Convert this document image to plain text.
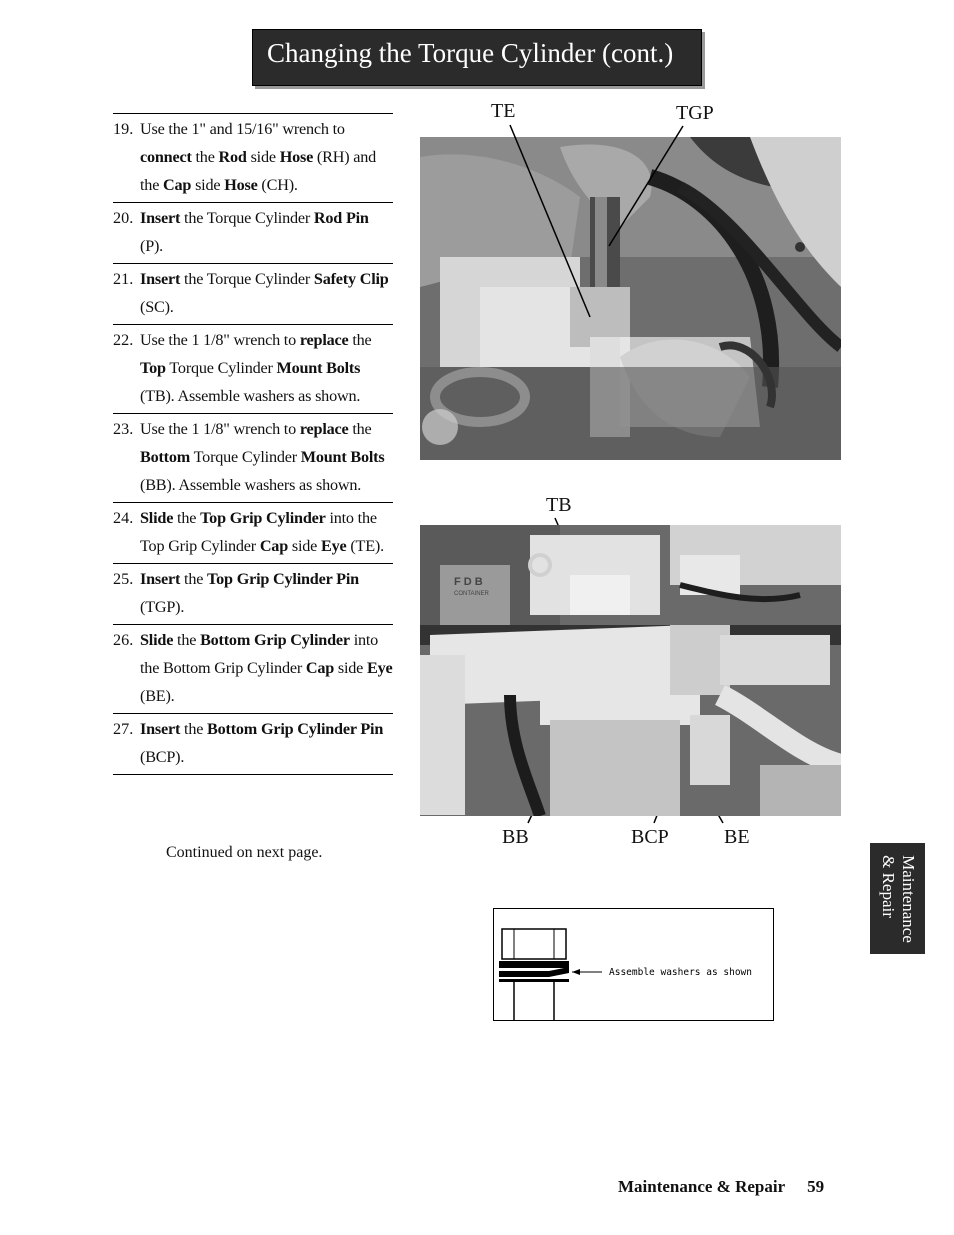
Changing the Torque Cylinder (cont.)
19. Use the 1" and 15/16" wrench to connect the Rod side Hose (RH) and the Cap side Hose (CH).
20. Insert the Torque Cylinder Rod Pin (P).
21. Insert the Torque Cylinder Safety Clip (SC).
22. Use the 1 1/8" wrench to replace the Top Torque Cylinder Mount Bolts (TB). Assemble washers as shown.
23. Use the 1 1/8" wrench to replace the Bottom Torque Cylinder Mount Bolts (BB). Assemble washers as shown.
24. Slide the Top Grip Cylinder into the Top Grip Cylinder Cap side Eye (TE).
25. Insert the Top Grip Cylinder Pin (TGP).
26. Slide the Bottom Grip Cylinder into the Bottom Grip Cylinder Cap side Eye (BE).
27. Insert the Bottom Grip Cylinder Pin (BCP).
Continued on next page.
TE	TGP
TB
F D B
CONTAINER
BB	BCP	BE
Assemble washers as shown
Maintenance
& Repair
Maintenance & Repair 59
